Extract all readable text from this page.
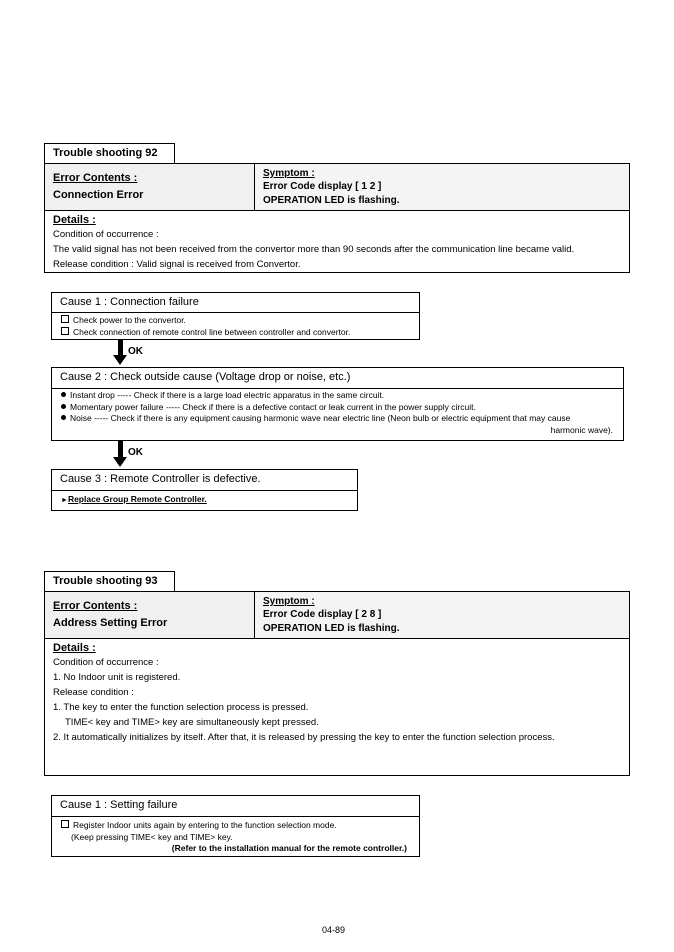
Trouble shooting 92
Error Contents :
Connection Error
Symptom :
Error Code display [ 1 2 ]
OPERATION LED is flashing.
Details :
Condition of occurrence :
The valid signal has not been received from the convertor more than 90 seconds after the communication line became valid.
Release condition : Valid signal is received from Convertor.
Cause 1 : Connection failure
Check power to the convertor.
Check connection of remote control line between controller and convertor.
OK
Cause 2 : Check outside cause (Voltage drop or noise, etc.)
Instant drop ----- Check if there is a large load electric apparatus in the same circuit.
Momentary power failure ----- Check if there is a defective contact or leak current in the power supply circuit.
Noise ----- Check if there is any equipment causing harmonic wave near electric line (Neon bulb or electric equipment that may cause
harmonic wave).
OK
Cause 3 : Remote Controller is defective.
►Replace Group Remote Controller.
Trouble shooting 93
Error Contents :
Address Setting Error
Symptom :
Error Code display [ 2 8 ]
OPERATION LED is flashing.
Details :
Condition of occurrence :
1. No Indoor unit is registered.
Release condition :
1. The key to enter the function selection process is pressed.
TIME< key and TIME> key are simultaneously kept pressed.
2. It automatically initializes by itself. After that, it is released by pressing the key to enter the function selection process.
Cause 1 : Setting failure
Register Indoor units again by entering to the function selection mode.
(Keep pressing TIME< key and TIME> key.
(Refer to the installation manual for the remote controller.)
04-89
